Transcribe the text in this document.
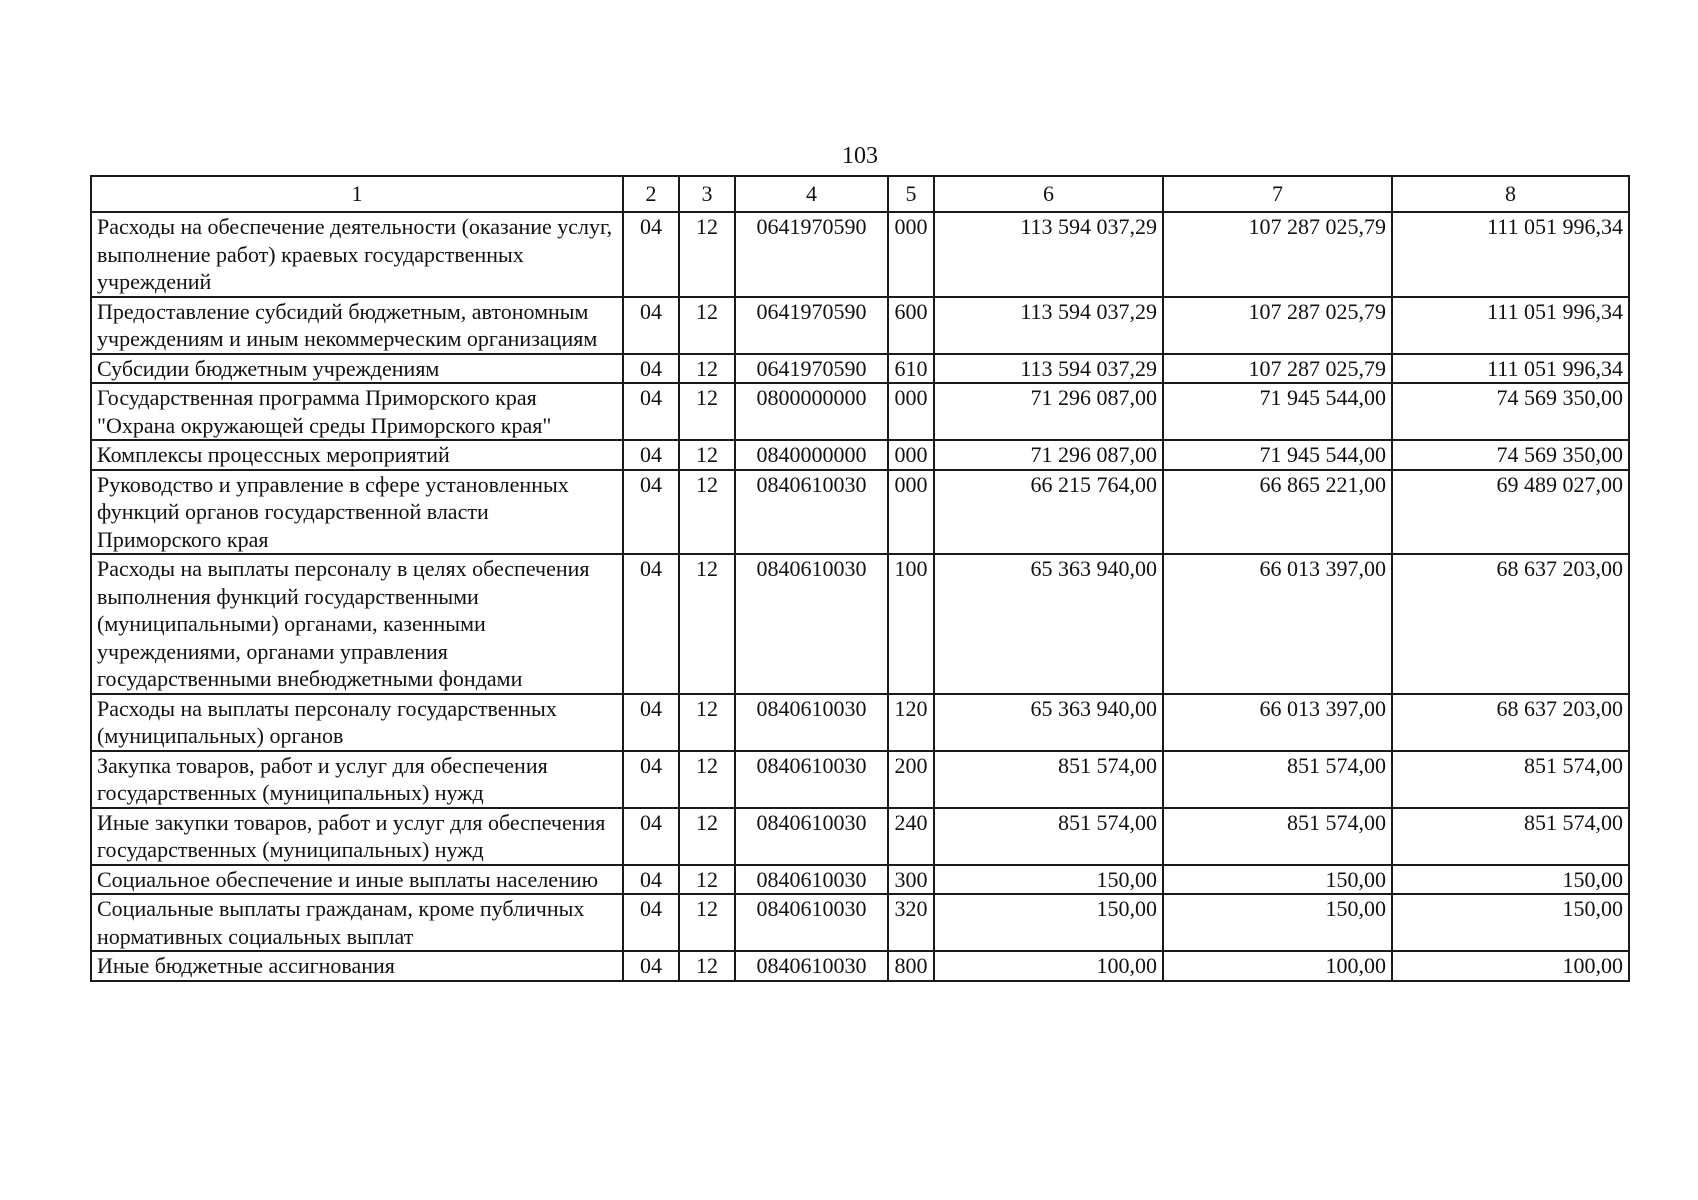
103
1	2	3	4	5	6	7	8
Расходы на обеспечение деятельности (оказание услуг, выполнение работ) краевых государственных учреждений	04	12	0641970590	000	113 594 037,29	107 287 025,79	111 051 996,34

Предоставление субсидий бюджетным, автономным учреждениям и иным некоммерческим организациям	04	12	0641970590	600	113 594 037,29	107 287 025,79	111 051 996,34

Субсидии бюджетным учреждениям	04	12	0641970590	610	113 594 037,29	107 287 025,79	111 051 996,34

Государственная программа Приморского края "Охрана окружающей среды Приморского края"	04	12	0800000000	000	71 296 087,00	71 945 544,00	74 569 350,00

Комплексы процессных мероприятий	04	12	0840000000	000	71 296 087,00	71 945 544,00	74 569 350,00

Руководство и управление в сфере установленных функций органов государственной власти Приморского края	04	12	0840610030	000	66 215 764,00	66 865 221,00	69 489 027,00

Расходы на выплаты персоналу в целях обеспечения выполнения функций государственными (муниципальными) органами, казенными учреждениями, органами управления государственными внебюджетными фондами	04	12	0840610030	100	65 363 940,00	66 013 397,00	68 637 203,00

Расходы на выплаты персоналу государственных (муниципальных) органов	04	12	0840610030	120	65 363 940,00	66 013 397,00	68 637 203,00

Закупка товаров, работ и услуг для обеспечения государственных (муниципальных) нужд	04	12	0840610030	200	851 574,00	851 574,00	851 574,00

Иные закупки товаров, работ и услуг для обеспечения государственных (муниципальных) нужд	04	12	0840610030	240	851 574,00	851 574,00	851 574,00

Социальное обеспечение и иные выплаты населению	04	12	0840610030	300	150,00	150,00	150,00

Социальные выплаты гражданам, кроме публичных нормативных социальных выплат	04	12	0840610030	320	150,00	150,00	150,00

Иные бюджетные ассигнования	04	12	0840610030	800	100,00	100,00	100,00
